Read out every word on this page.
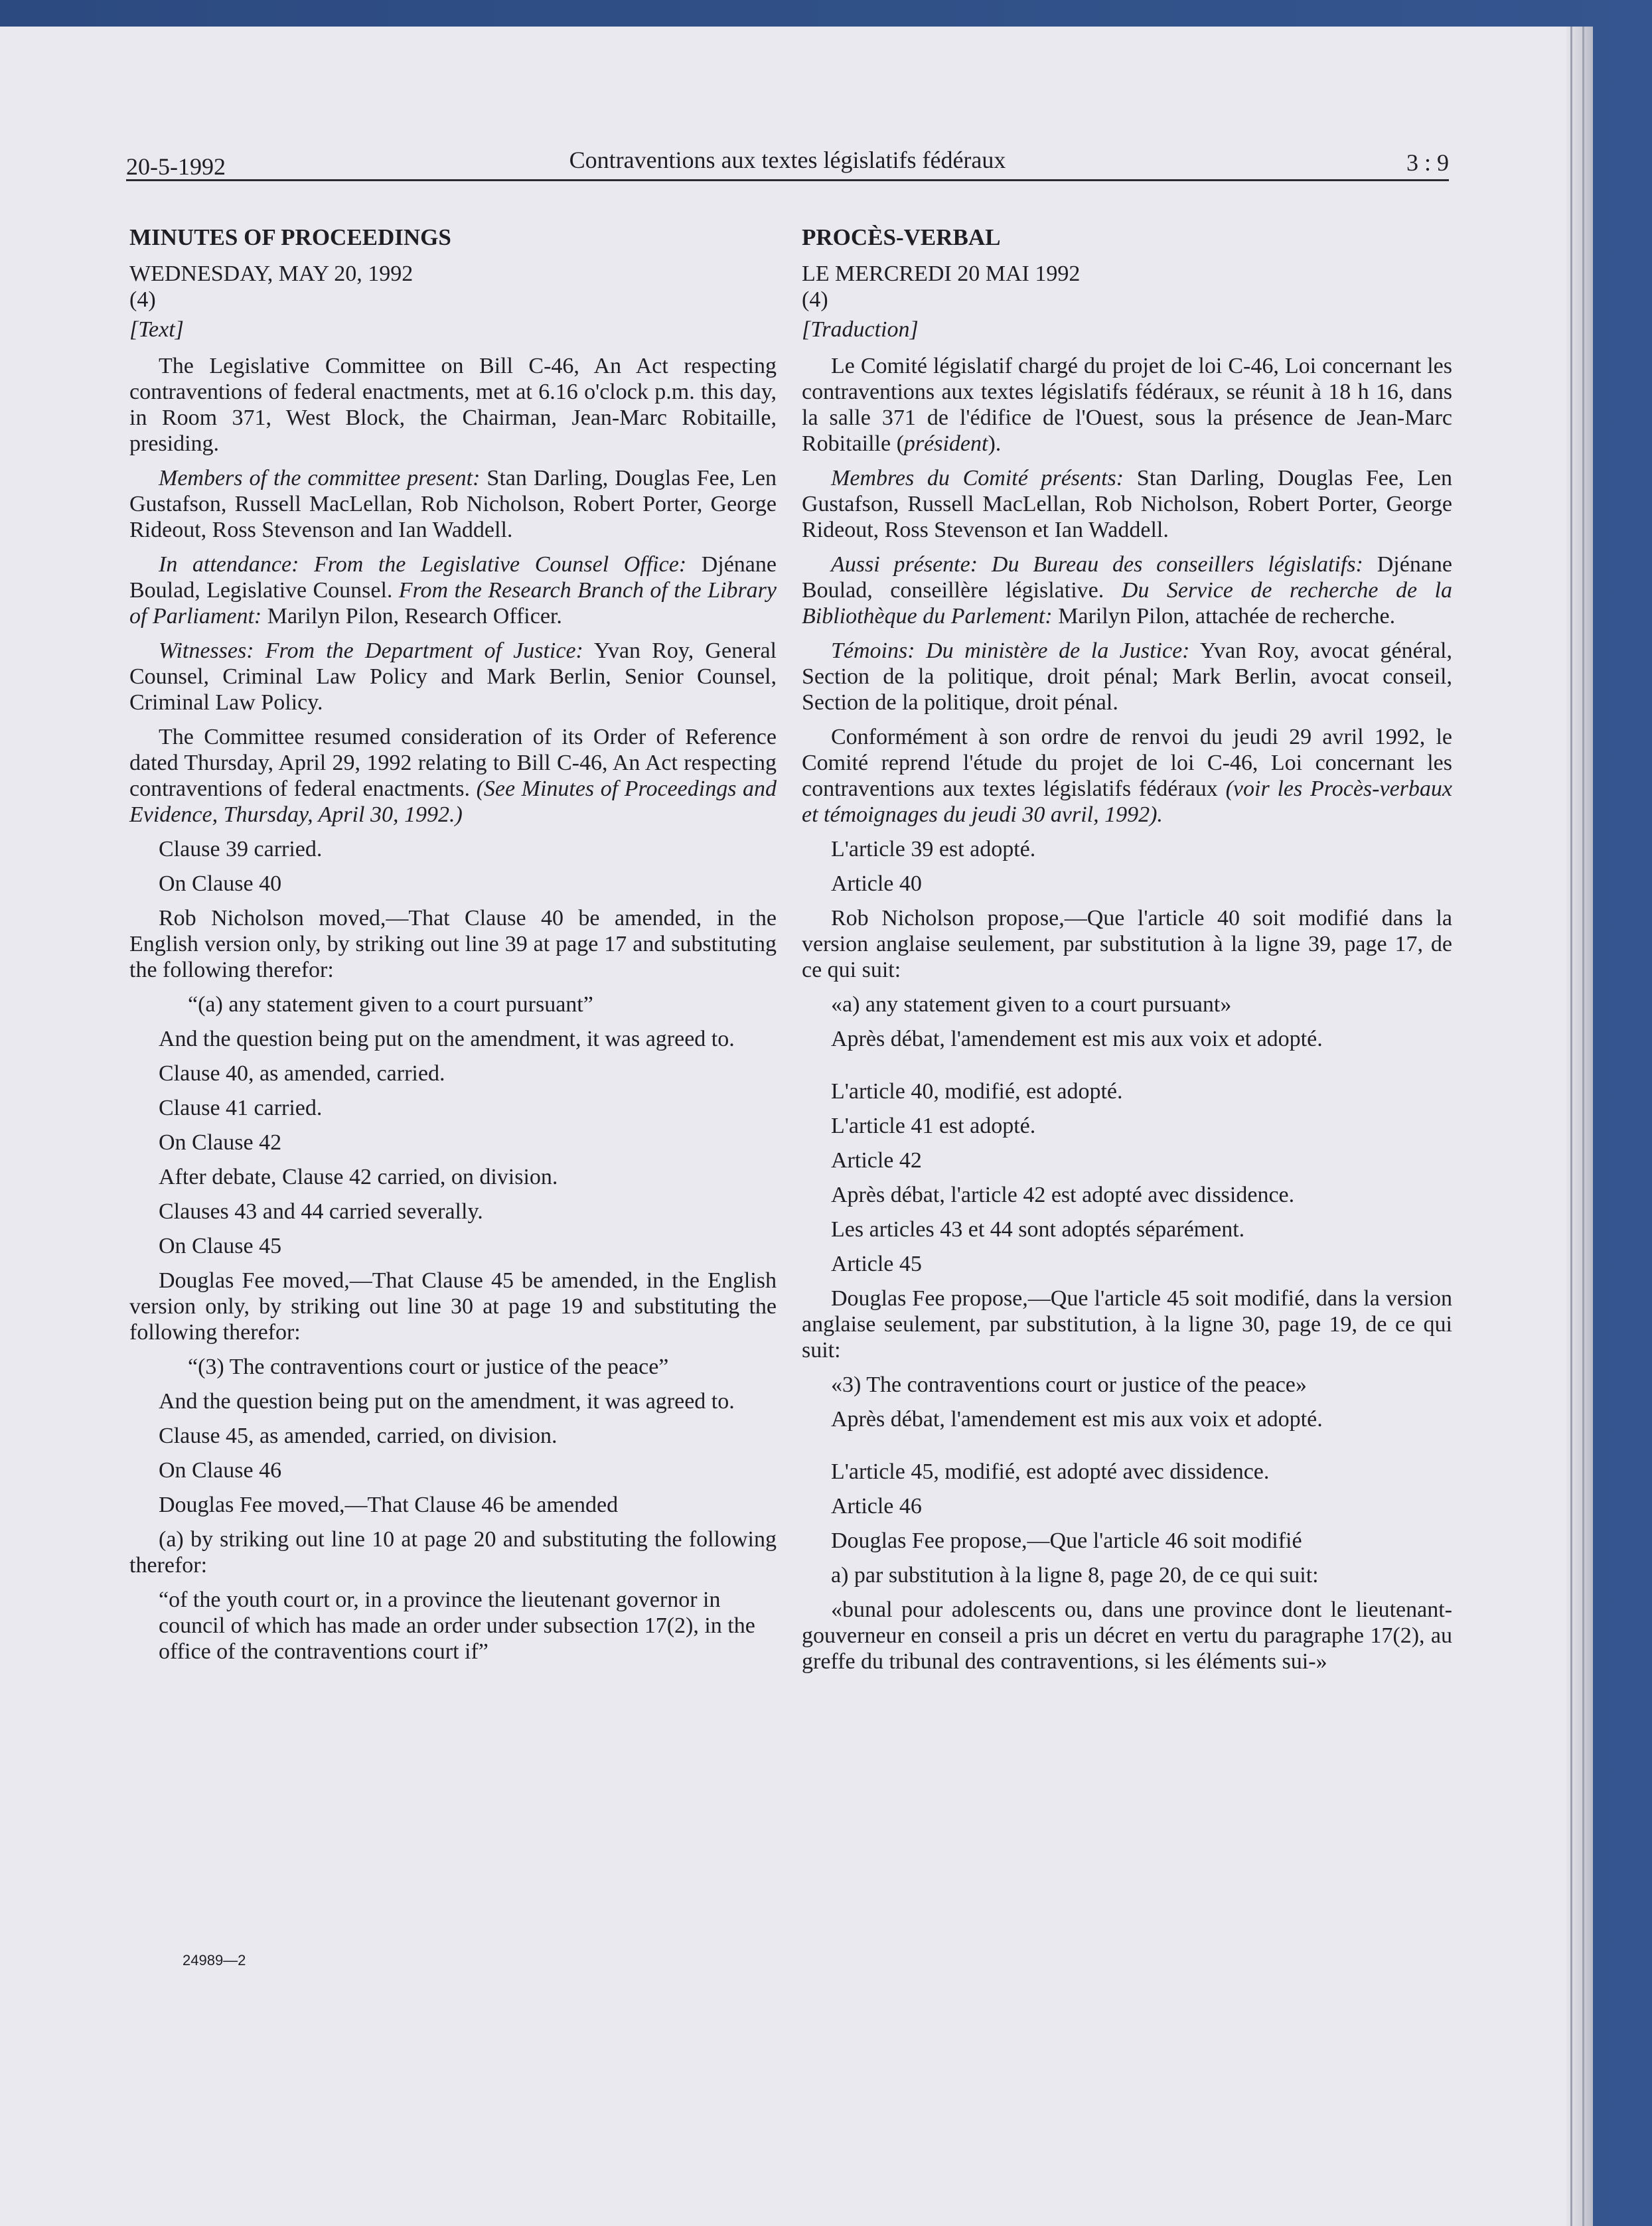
20-5-1992	Contraventions aux textes législatifs fédéraux	3 : 9

MINUTES OF PROCEEDINGS

WEDNESDAY, MAY 20, 1992

(4)

[Text]

The Legislative Committee on Bill C-46, An Act respecting contraventions of federal enactments, met at 6.16 o'clock p.m. this day, in Room 371, West Block, the Chairman, Jean-Marc Robitaille, presiding.

Members of the committee present: Stan Darling, Douglas Fee, Len Gustafson, Russell MacLellan, Rob Nicholson, Robert Porter, George Rideout, Ross Stevenson and Ian Waddell.

In attendance: From the Legislative Counsel Office: Djénane Boulad, Legislative Counsel. From the Research Branch of the Library of Parliament: Marilyn Pilon, Research Officer.

Witnesses: From the Department of Justice: Yvan Roy, General Counsel, Criminal Law Policy and Mark Berlin, Senior Counsel, Criminal Law Policy.

The Committee resumed consideration of its Order of Reference dated Thursday, April 29, 1992 relating to Bill C-46, An Act respecting contraventions of federal enactments. (See Minutes of Proceedings and Evidence, Thursday, April 30, 1992.)

Clause 39 carried.

On Clause 40

Rob Nicholson moved,—That Clause 40 be amended, in the English version only, by striking out line 39 at page 17 and substituting the following therefor:

“(a) any statement given to a court pursuant”

And the question being put on the amendment, it was agreed to.

Clause 40, as amended, carried.

Clause 41 carried.

On Clause 42

After debate, Clause 42 carried, on division.

Clauses 43 and 44 carried severally.

On Clause 45

Douglas Fee moved,—That Clause 45 be amended, in the English version only, by striking out line 30 at page 19 and substituting the following therefor:

“(3) The contraventions court or justice of the peace”

And the question being put on the amendment, it was agreed to.

Clause 45, as amended, carried, on division.

On Clause 46

Douglas Fee moved,—That Clause 46 be amended

(a) by striking out line 10 at page 20 and substituting the following therefor:

“of the youth court or, in a province the lieutenant governor in council of which has made an order under subsection 17(2), in the office of the contraventions court if”

PROCÈS-VERBAL

LE MERCREDI 20 MAI 1992

(4)

[Traduction]

Le Comité législatif chargé du projet de loi C-46, Loi concernant les contraventions aux textes législatifs fédéraux, se réunit à 18 h 16, dans la salle 371 de l'édifice de l'Ouest, sous la présence de Jean-Marc Robitaille (président).

Membres du Comité présents: Stan Darling, Douglas Fee, Len Gustafson, Russell MacLellan, Rob Nicholson, Robert Porter, George Rideout, Ross Stevenson et Ian Waddell.

Aussi présente: Du Bureau des conseillers législatifs: Djénane Boulad, conseillère législative. Du Service de recherche de la Bibliothèque du Parlement: Marilyn Pilon, attachée de recherche.

Témoins: Du ministère de la Justice: Yvan Roy, avocat général, Section de la politique, droit pénal; Mark Berlin, avocat conseil, Section de la politique, droit pénal.

Conformément à son ordre de renvoi du jeudi 29 avril 1992, le Comité reprend l'étude du projet de loi C-46, Loi concernant les contraventions aux textes législatifs fédéraux (voir les Procès-verbaux et témoignages du jeudi 30 avril, 1992).

L'article 39 est adopté.

Article 40

Rob Nicholson propose,—Que l'article 40 soit modifié dans la version anglaise seulement, par substitution à la ligne 39, page 17, de ce qui suit:

«a) any statement given to a court pursuant»

Après débat, l'amendement est mis aux voix et adopté.

L'article 40, modifié, est adopté.

L'article 41 est adopté.

Article 42

Après débat, l'article 42 est adopté avec dissidence.

Les articles 43 et 44 sont adoptés séparément.

Article 45

Douglas Fee propose,—Que l'article 45 soit modifié, dans la version anglaise seulement, par substitution, à la ligne 30, page 19, de ce qui suit:

«3) The contraventions court or justice of the peace»

Après débat, l'amendement est mis aux voix et adopté.

L'article 45, modifié, est adopté avec dissidence.

Article 46

Douglas Fee propose,—Que l'article 46 soit modifié

a) par substitution à la ligne 8, page 20, de ce qui suit:

«bunal pour adolescents ou, dans une province dont le lieutenant-gouverneur en conseil a pris un décret en vertu du paragraphe 17(2), au greffe du tribunal des contraventions, si les éléments sui-»

24989—2
